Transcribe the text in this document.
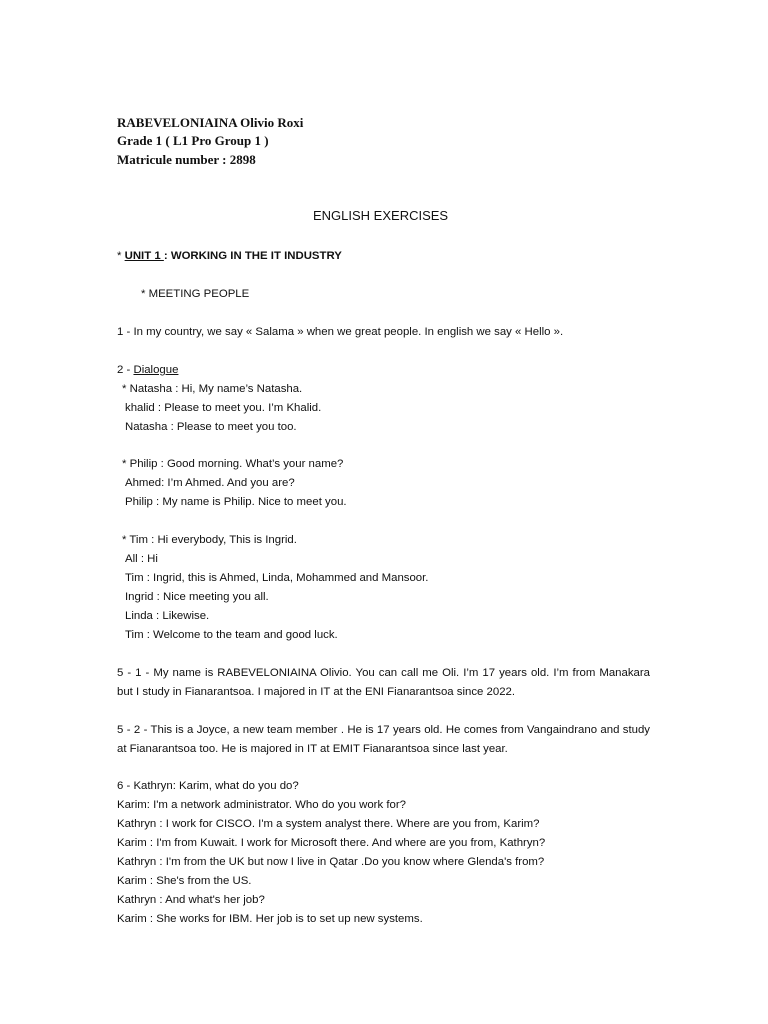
RABEVELONIAINA Olivio Roxi
Grade 1 ( L1 Pro Group 1 )
Matricule number : 2898
ENGLISH EXERCISES
* UNIT 1 : WORKING IN THE IT INDUSTRY
* MEETING PEOPLE
1 - In my country, we say « Salama » when we great people. In english we say « Hello ».
2 - Dialogue
* Natasha : Hi, My name’s Natasha.
khalid : Please to meet you. I’m Khalid.
Natasha : Please to meet you too.
* Philip : Good morning. What’s your name?
Ahmed: I’m Ahmed. And you are?
Philip : My name is Philip. Nice to meet you.
* Tim : Hi everybody, This is Ingrid.
All : Hi
Tim : Ingrid, this is Ahmed, Linda, Mohammed and Mansoor.
Ingrid : Nice meeting you all.
Linda : Likewise.
Tim : Welcome to the team and good luck.
5 - 1 - My name is RABEVELONIAINA Olivio. You can call me Oli. I’m 17 years old. I’m from Manakara but I study in Fianarantsoa. I majored in IT at the ENI Fianarantsoa since 2022.
5 - 2 - This is a Joyce, a new team member . He is 17 years old. He comes from Vangaindrano and study at Fianarantsoa too. He is majored in IT at EMIT Fianarantsoa since last year.
6 - Kathryn: Karim, what do you do?
Karim: I'm a network administrator. Who do you work for?
Kathryn : I work for CISCO. I'm a system analyst there. Where are you from, Karim?
Karim : I'm from Kuwait. I work for Microsoft there. And where are you from, Kathryn?
Kathryn : I'm from the UK but now I live in Qatar .Do you know where Glenda's from?
Karim : She's from the US.
Kathryn : And what's her job?
Karim : She works for IBM. Her job is to set up new systems.
